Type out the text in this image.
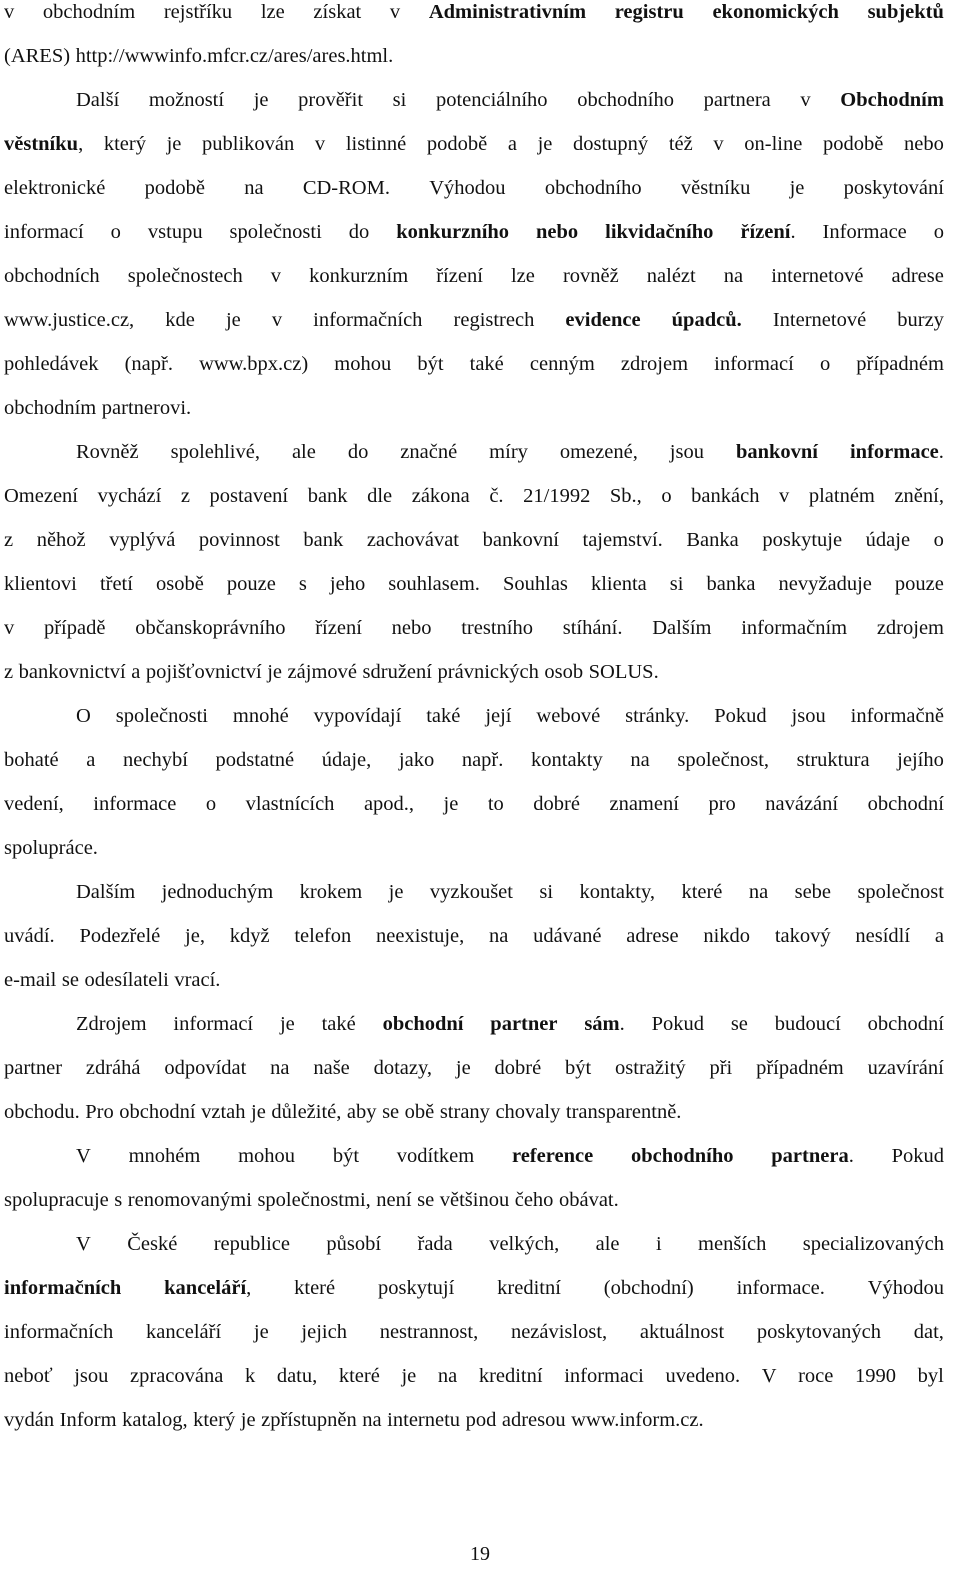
v obchodním rejstříku lze získat v Administrativním registru ekonomických subjektů
(ARES) http://wwwinfo.mfcr.cz/ares/ares.html.
Další možností je prověřit si potenciálního obchodního partnera v Obchodním
věstníku, který je publikován v listinné podobě a je dostupný též v on-line podobě nebo
elektronické podobě na CD-ROM. Výhodou obchodního věstníku je poskytování
informací o vstupu společnosti do konkurzního nebo likvidačního řízení. Informace o
obchodních společnostech v konkurzním řízení lze rovněž nalézt na internetové adrese
www.justice.cz, kde je v informačních registrech evidence úpadců. Internetové burzy
pohledávek (např. www.bpx.cz) mohou být také cenným zdrojem informací o případném
obchodním partnerovi.
Rovněž spolehlivé, ale do značné míry omezené, jsou bankovní informace.
Omezení vychází z postavení bank dle zákona č. 21/1992 Sb., o bankách v platném znění,
z něhož vyplývá povinnost bank zachovávat bankovní tajemství. Banka poskytuje údaje o
klientovi třetí osobě pouze s jeho souhlasem. Souhlas klienta si banka nevyžaduje pouze
v případě občanskoprávního řízení nebo trestního stíhání. Dalším informačním zdrojem
z bankovnictví a pojišťovnictví je zájmové sdružení právnických osob SOLUS.
O společnosti mnohé vypovídají také její webové stránky. Pokud jsou informačně
bohaté a nechybí podstatné údaje, jako např. kontakty na společnost, struktura jejího
vedení, informace o vlastnících apod., je to dobré znamení pro navázání obchodní
spolupráce.
Dalším jednoduchým krokem je vyzkoušet si kontakty, které na sebe společnost
uvádí. Podezřelé je, když telefon neexistuje, na udávané adrese nikdo takový nesídlí a
e-mail se odesílateli vrací.
Zdrojem informací je také obchodní partner sám. Pokud se budoucí obchodní
partner zdráhá odpovídat na naše dotazy, je dobré být ostražitý při případném uzavírání
obchodu. Pro obchodní vztah je důležité, aby se obě strany chovaly transparentně.
V mnohém mohou být vodítkem reference obchodního partnera. Pokud
spolupracuje s renomovanými společnostmi, není se většinou čeho obávat.
V České republice působí řada velkých, ale i menších specializovaných
informačních kanceláří, které poskytují kreditní (obchodní) informace. Výhodou
informačních kanceláří je jejich nestrannost, nezávislost, aktuálnost poskytovaných dat,
neboť jsou zpracována k datu, které je na kreditní informaci uvedeno. V roce 1990 byl
vydán Inform katalog, který je zpřístupněn na internetu pod adresou www.inform.cz.
19
